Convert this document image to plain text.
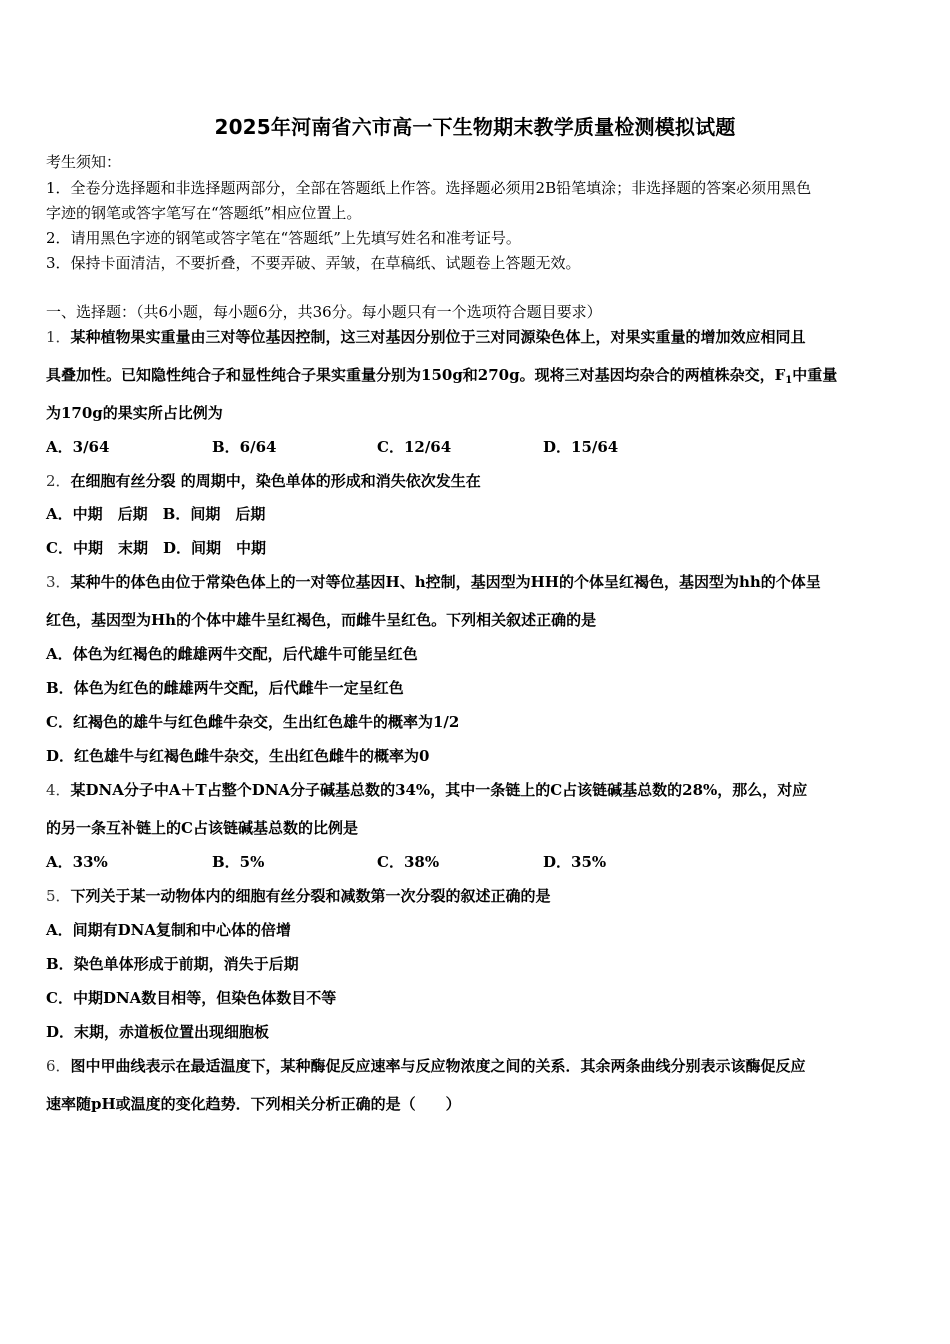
2025年河南省六市高一下生物期末教学质量检测模拟试题
考生须知：
1．全卷分选择题和非选择题两部分，全部在答题纸上作答。选择题必须用2B铅笔填涂；非选择题的答案必须用黑色
字迹的钢笔或答字笔写在“答题纸”相应位置上。
2．请用黑色字迹的钢笔或答字笔在“答题纸”上先填写姓名和准考证号。
3．保持卡面清洁，不要折叠，不要弄破、弄皱，在草稿纸、试题卷上答题无效。
一、选择题：（共6小题，每小题6分，共36分。每小题只有一个选项符合题目要求）
1．某种植物果实重量由三对等位基因控制，这三对基因分别位于三对同源染色体上，对果实重量的增加效应相同且
具叠加性。已知隐性纯合子和显性纯合子果实重量分别为150g和270g。现将三对基因均杂合的两植株杂交，$F_1$中重量
为170g的果实所占比例为
A．3/64	B．6/64	C．12/64	D．15/64
2．在细胞有丝分裂 的周期中，染色单体的形成和消失依次发生在
A．中期　后期　B．间期　后期
C．中期　末期　D．间期　中期
3．某种牛的体色由位于常染色体上的一对等位基因H、h控制，基因型为HH的个体呈红褐色，基因型为hh的个体呈
红色，基因型为Hh的个体中雄牛呈红褐色，而雌牛呈红色。下列相关叙述正确的是
A．体色为红褐色的雌雄两牛交配，后代雄牛可能呈红色
B．体色为红色的雌雄两牛交配，后代雌牛一定呈红色
C．红褐色的雄牛与红色雌牛杂交，生出红色雄牛的概率为1/2
D．红色雄牛与红褐色雌牛杂交，生出红色雌牛的概率为0
4．某DNA分子中A＋T占整个DNA分子碱基总数的34%，其中一条链上的C占该链碱基总数的28%，那么，对应
的另一条互补链上的C占该链碱基总数的比例是
A．33%	B．5%	C．38%	D．35%
5．下列关于某一动物体内的细胞有丝分裂和减数第一次分裂的叙述正确的是
A．间期有DNA复制和中心体的倍增
B．染色单体形成于前期，消失于后期
C．中期DNA数目相等，但染色体数目不等
D．末期，赤道板位置出现细胞板
6．图中甲曲线表示在最适温度下，某种酶促反应速率与反应物浓度之间的关系．其余两条曲线分别表示该酶促反应
速率随pH或温度的变化趋势．下列相关分析正确的是（　　）
